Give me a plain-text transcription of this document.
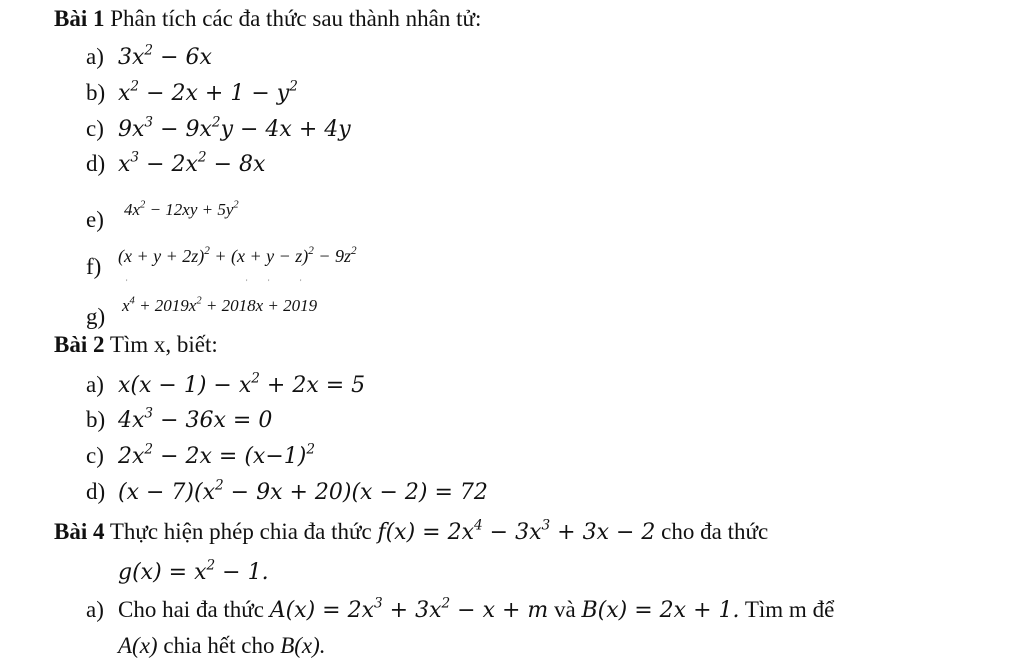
Bài 1 Phân tích các đa thức sau thành nhân tử:
a) $3x^2 - 6x$
b) $x^2 - 2x + 1 - y^2$
c) $9x^3 - 9x^2y - 4x + 4y$
d) $x^3 - 2x^2 - 8x$
e)	$4x^2 - 12xy + 5y^2$
f) $(x + y + 2z)^2 + (x + y - z)^2 - 9z^2$
,	,	,	,
g) $x^4 + 2019x^2 + 2018x + 2019$
Bài 2 Tìm x, biết:
a) $x(x - 1) - x^2 + 2x = 5$
b) $4x^3 - 36x = 0$
c) $2x^2 - 2x = (x-1)^2$
d) $(x - 7)(x^2 - 9x + 20)(x - 2) = 72$
Bài 4 Thực hiện phép chia đa thức $f(x) = 2x^4 - 3x^3 + 3x - 2$ cho đa thức
$g(x) = x^2 - 1$.
a) Cho hai đa thức $A(x) = 2x^3 + 3x^2 - x + m$ và B(x) = 2x + 1. Tìm m để
A(x) chia hết cho B(x).
